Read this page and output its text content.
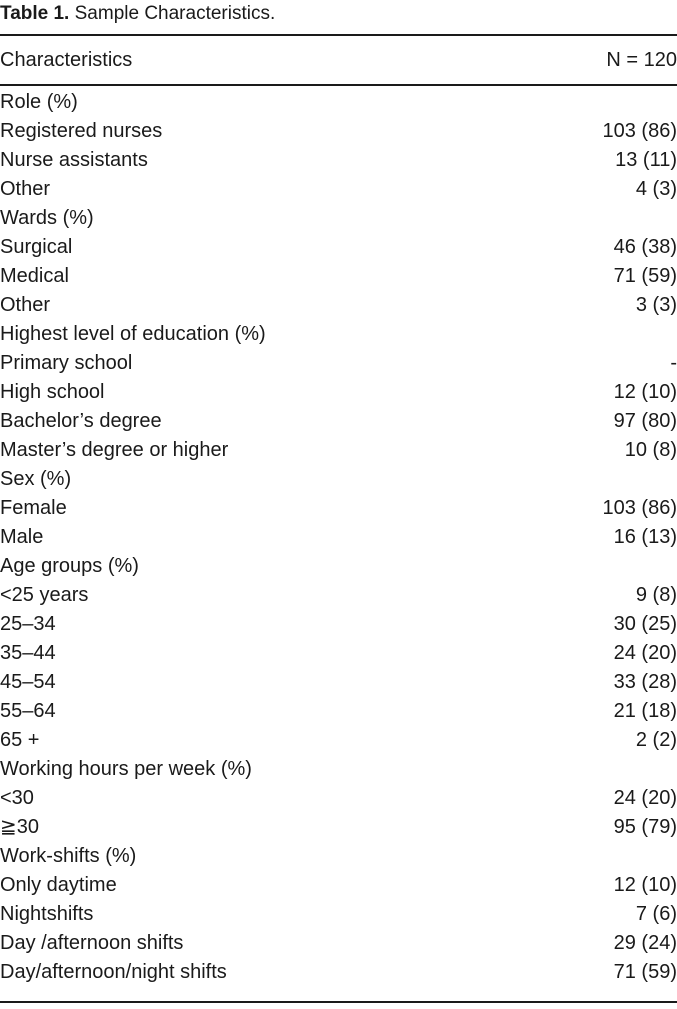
Table 1. Sample Characteristics.
Characteristics	N = 120
Role (%)
Registered nurses	103 (86)
Nurse assistants	13 (11)
Other	4 (3)
Wards (%)
Surgical	46 (38)
Medical	71 (59)
Other	3 (3)
Highest level of education (%)
Primary school	-
High school	12 (10)
Bachelor’s degree	97 (80)
Master’s degree or higher	10 (8)
Sex (%)
Female	103 (86)
Male	16 (13)
Age groups (%)
<25 years	9 (8)
25–34	30 (25)
35–44	24 (20)
45–54	33 (28)
55–64	21 (18)
65 +	2 (2)
Working hours per week (%)
<30	24 (20)
≧30	95 (79)
Work-shifts (%)
Only daytime	12 (10)
Nightshifts	7 (6)
Day /afternoon shifts	29 (24)
Day/afternoon/night shifts	71 (59)
